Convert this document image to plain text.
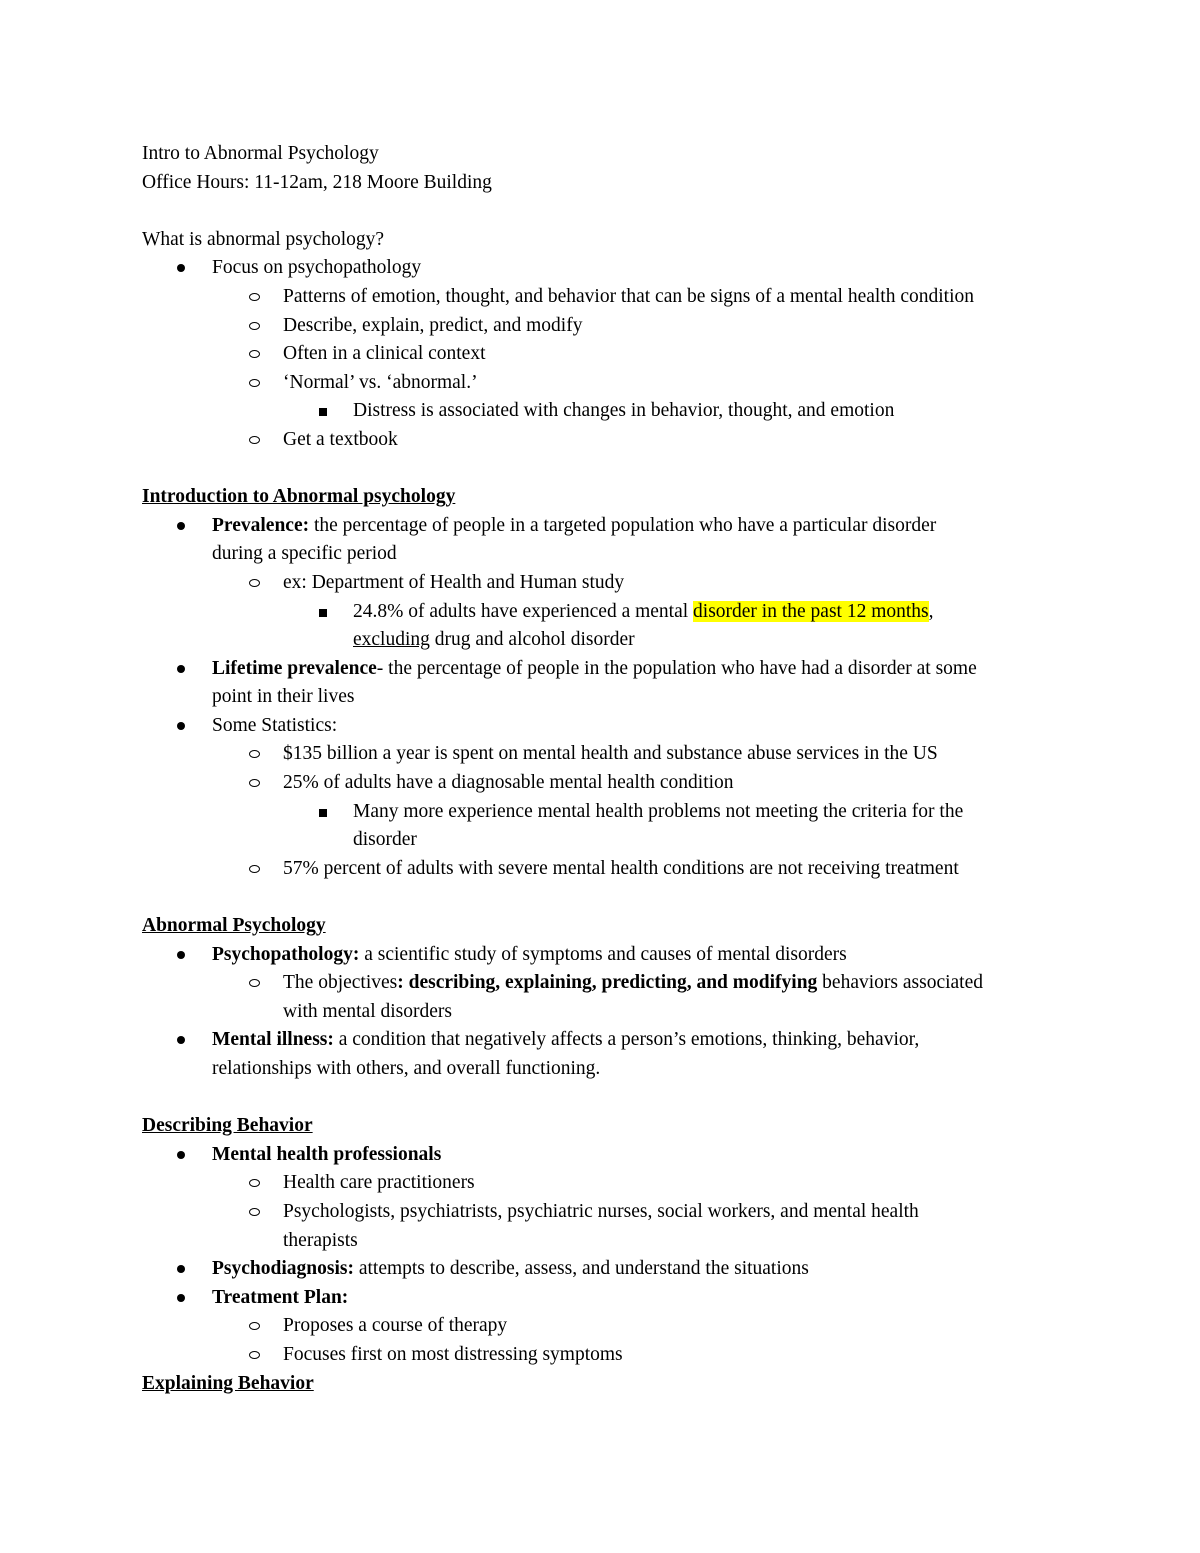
Intro to Abnormal Psychology
Office Hours: 11-12am, 218 Moore Building
What is abnormal psychology?
Focus on psychopathology
Patterns of emotion, thought, and behavior that can be signs of a mental health condition
Describe, explain, predict, and modify
Often in a clinical context
‘Normal’ vs. ‘abnormal.’
Distress is associated with changes in behavior, thought, and emotion
Get a textbook
Introduction to Abnormal psychology
Prevalence: the percentage of people in a targeted population who have a particular disorder
during a specific period
ex: Department of Health and Human study
24.8% of adults have experienced a mental disorder in the past 12 months,
excluding drug and alcohol disorder
Lifetime prevalence- the percentage of people in the population who have had a disorder at some
point in their lives
Some Statistics:
$135 billion a year is spent on mental health and substance abuse services in the US
25% of adults have a diagnosable mental health condition
Many more experience mental health problems not meeting the criteria for the
disorder
57% percent of adults with severe mental health conditions are not receiving treatment
Abnormal Psychology
Psychopathology: a scientific study of symptoms and causes of mental disorders
The objectives: describing, explaining, predicting, and modifying behaviors associated
with mental disorders
Mental illness: a condition that negatively affects a person’s emotions, thinking, behavior,
relationships with others, and overall functioning.
Describing Behavior
Mental health professionals
Health care practitioners
Psychologists, psychiatrists, psychiatric nurses, social workers, and mental health
therapists
Psychodiagnosis: attempts to describe, assess, and understand the situations
Treatment Plan:
Proposes a course of therapy
Focuses first on most distressing symptoms
Explaining Behavior
